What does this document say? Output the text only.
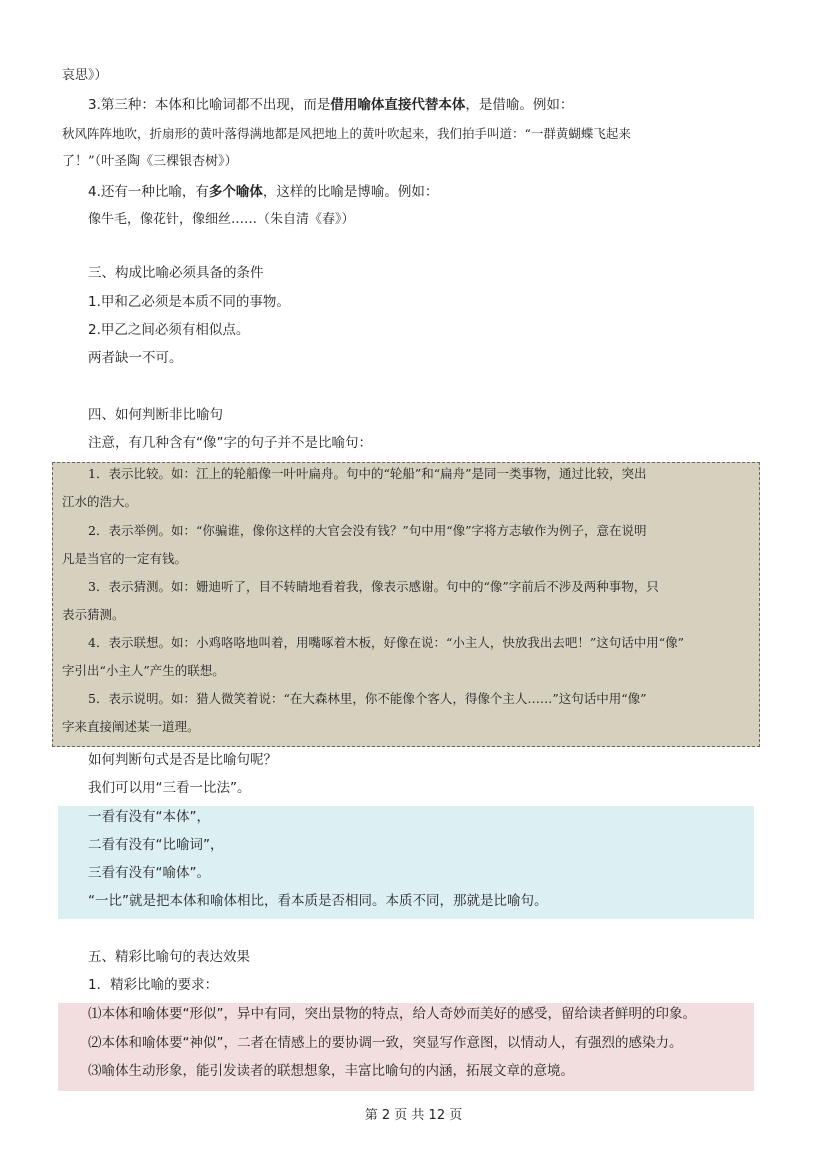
哀思》）
3.第三种：本体和比喻词都不出现，而是借用喻体直接代替本体，是借喻。例如：
秋风阵阵地吹，折扇形的黄叶落得满地都是风把地上的黄叶吹起来，我们拍手叫道：“一群黄蝴蝶飞起来
了！”（叶圣陶《三棵银杏树》）
4.还有一种比喻，有多个喻体，这样的比喻是博喻。例如：
像牛毛，像花针，像细丝……（朱自清《春》）
三、构成比喻必须具备的条件
1.甲和乙必须是本质不同的事物。
2.甲乙之间必须有相似点。
两者缺一不可。
四、如何判断非比喻句
注意，有几种含有“像”字的句子并不是比喻句：
1．表示比较。如：江上的轮船像一叶叶扁舟。句中的“轮船”和“扁舟”是同一类事物，通过比较，突出
江水的浩大。
2．表示举例。如：“你骗谁，像你这样的大官会没有钱？”句中用“像”字将方志敏作为例子，意在说明
凡是当官的一定有钱。
3．表示猜测。如：姗迪听了，目不转睛地看着我，像表示感谢。句中的“像”字前后不涉及两种事物，只
表示猜测。
4．表示联想。如：小鸡咯咯地叫着，用嘴啄着木板，好像在说：“小主人，快放我出去吧！”这句话中用“像”
字引出“小主人”产生的联想。
5．表示说明。如：猎人微笑着说：“在大森林里，你不能像个客人，得像个主人……”这句话中用“像”
字来直接阐述某一道理。
如何判断句式是否是比喻句呢？
我们可以用“三看一比法”。
一看有没有“本体”，
二看有没有“比喻词”，
三看有没有“喻体”。
“一比”就是把本体和喻体相比，看本质是否相同。本质不同，那就是比喻句。
五、精彩比喻句的表达效果
1．精彩比喻的要求：
⑴本体和喻体要“形似”，异中有同，突出景物的特点，给人奇妙而美好的感受，留给读者鲜明的印象。
⑵本体和喻体要“神似”，二者在情感上的要协调一致，突显写作意图，以情动人，有强烈的感染力。
⑶喻体生动形象，能引发读者的联想想象，丰富比喻句的内涵，拓展文章的意境。
第 2 页 共 12 页
